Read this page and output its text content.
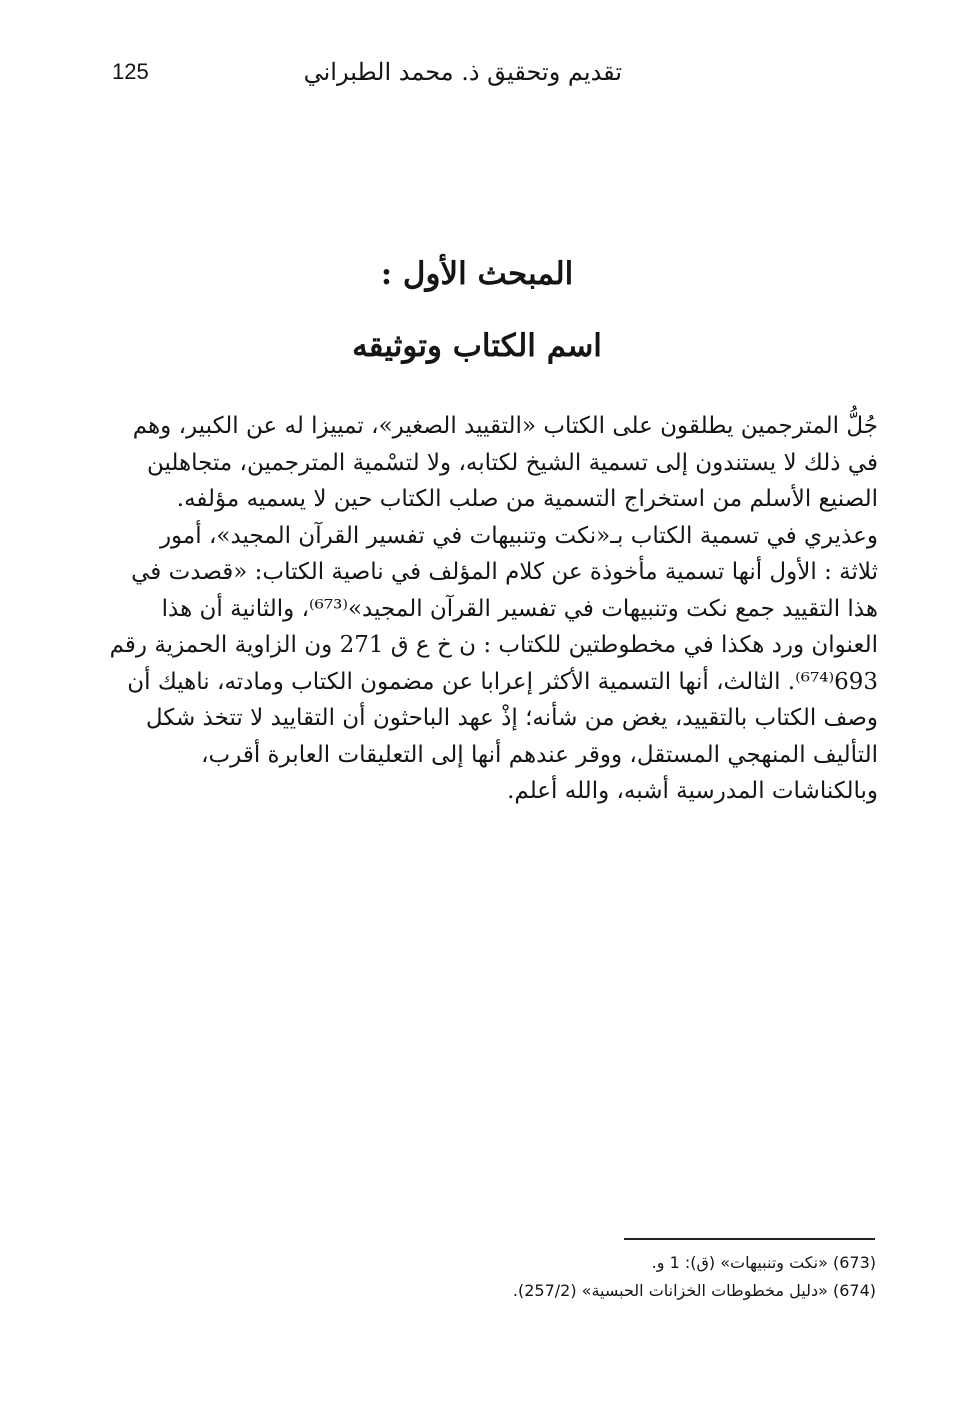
125	تقديم وتحقيق ذ. محمد الطبراني
المبحث الأول :
اسم الكتاب وتوثيقه
جُلُّ المترجمين يطلقون على الكتاب «التقييد الصغير»، تمييزا له عن الكبير، وهم
في ذلك لا يستندون إلى تسمية الشيخ لكتابه، ولا لتسْمية المترجمين، متجاهلين
الصنيع الأسلم من استخراج التسمية من صلب الكتاب حين لا يسميه مؤلفه.
وعذيري في تسمية الكتاب بـ«نكت وتنبيهات في تفسير القرآن المجيد»، أمور
ثلاثة : الأول أنها تسمية مأخوذة عن كلام المؤلف في ناصية الكتاب: «قصدت في
هذا التقييد جمع نكت وتنبيهات في تفسير القرآن المجيد»⁽⁶⁷³⁾، والثانية أن هذا
العنوان ورد هكذا في مخطوطتين للكتاب : ن خ ع ق 271 ون الزاوية الحمزية رقم
693⁽⁶⁷⁴⁾. الثالث، أنها التسمية الأكثر إعرابا عن مضمون الكتاب ومادته، ناهيك أن
وصف الكتاب بالتقييد، يغض من شأنه؛ إذْ عهد الباحثون أن التقاييد لا تتخذ شكل
التأليف المنهجي المستقل، ووقر عندهم أنها إلى التعليقات العابرة أقرب،
وبالكناشات المدرسية أشبه، والله أعلم.
(673) «نكت وتنبيهات» (ق): 1 و.
(674) «دليل مخطوطات الخزانات الحبسية» (257/2).
